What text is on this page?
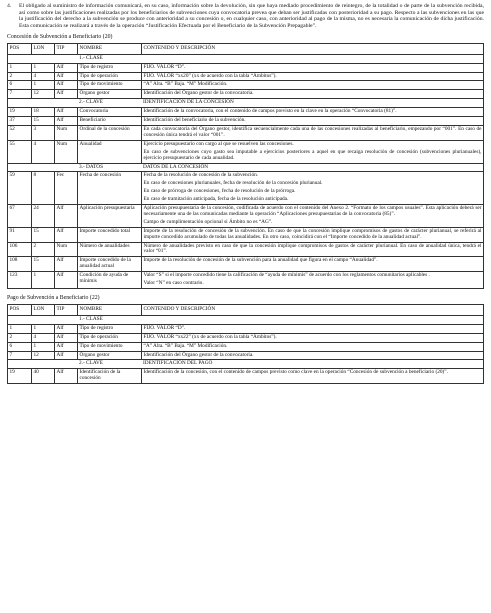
4.	El obligado al suministro de información comunicará, en su caso, información sobre la devolución, sin que haya mediado procedimiento de reintegro, de la totalidad o de parte de la subvención recibida, así como sobre las justificaciones realizadas por los beneficiarios de subvenciones cuya convocatoria prevea que deban ser justificadas con posterioridad a su pago. Respecto a las subvenciones en las que la justificación del derecho a la subvención se produce con anterioridad a su concesión o, en cualquier caso, con anterioridad al pago de la misma, no es necesaria la comunicación de dicha justificación. Esta comunicación se realizará a través de la operación “Justificación Efectuada por el Beneficiario de la Subvención Prepagable”.
Concesión de Subvención a Beneficiario (20)
POS	LON	TIP	NOMBRE	CONTENIDO Y DESCRIPCIÓN
			1.- CLASE	
1	1	Alf	Tipo de registro	FIJO. VALOR “D”.

2	4	Alf	Tipo de operación	FIJO. VALOR “xx20” (xx de acuerdo con la tabla “Ámbitos”).

6	1	Alf	Tipo de movimiento	“A” Alta. “B” Baja. “M” Modificación.

7	12	Alf	Órgano gestor	Identificación del Órgano gestor de la convocatoria.

			2.- CLAVE	IDENTIFICACIÓN DE LA CONCESIÓN
19	18	Alf	Convocatoria	Identificación de la convocatoria, con el contenido de campos previsto en la clave en la operación “Convocatoria (81)”.

37	15	Alf	Beneficiario	Identificación del beneficiario de la subvención.

52	3	Num	Ordinal de la concesión	En cada convocatoria del Órgano gestor, identifica secuencialmente cada una de las concesiones realizadas al beneficiario, empezando por “001”. En caso de concesión única tendrá el valor “001”.

55	4	Num	Anualidad	Ejercicio presupuestario con cargo al que se resuelven las concesiones.
En caso de subvenciones cuyo gasto sea imputable a ejercicios posteriores a aquel en que recaiga resolución de concesión (subvenciones plurianuales), ejercicio presupuestario de cada anualidad.

			3.- DATOS	DATOS DE LA CONCESIÓN
59	8	Fec	Fecha de concesión	Fecha de la resolución de concesión de la subvención.
En caso de concesiones plurianuales, fecha de resolución de la concesión plurianual.
En caso de prórroga de concesiones, fecha de resolución de la prórroga.
En caso de tramitación anticipada, fecha de la resolución anticipada.

67	24	Alf	Aplicación presupuestaria	Aplicación presupuestaria de la concesión, codificada de acuerdo con el contenido del Anexo 2. “Formato de los campos usuales”. Esta aplicación deberá ser necesariamente una de las comunicadas mediante la operación “Aplicaciones presupuestarias de la convocatoria (85)”.
Campo de cumplimentación opcional si Ámbito no es “AG”.

91	15	Alf	Importe concedido total	Importe de la resolución de concesión de la subvención. En caso de que la concesión implique compromisos de gastos de carácter plurianual, se referirá al importe concedido acumulado de todas las anualidades. En otro caso, coincidirá con el “Importe concedido de la anualidad actual”.

106	2	Num	Número de anualidades	Número de anualidades previsto en caso de que la concesión implique compromisos de gastos de carácter plurianual. En caso de anualidad única, tendrá el valor “01”.

108	15	Alf	Importe concedido de la anualidad actual	Importe de la resolución de concesión de la subvención para la anualidad que figura en el campo “Anualidad”.

123	1	Alf	Condición de ayuda de mínimis	Valor “S” si el importe concedido tiene la calificación de “ayuda de mínimis” de acuerdo con los reglamentos comunitarios aplicables .
Valor “N” en caso contrario.
Pago de Subvención a Beneficiario (22)
POS	LON	TIP	NOMBRE	CONTENIDO Y DESCRIPCIÓN
			1.- CLASE	
1	1	Alf	Tipo de registro	FIJO. VALOR “D”.

2	4	Alf	Tipo de operación	FIJO. VALOR “xx22” (xx de acuerdo con la tabla “Ámbitos”).

6	1	Alf	Tipo de movimiento	“A” Alta. “B” Baja. “M” Modificación.

7	12	Alf	Órgano gestor	Identificación del Órgano gestor de la convocatoria.

			2.- CLAVE	IDENTIFICACIÓN DEL PAGO
19	40	Alf	Identificación de la concesión	Identificación de la concesión, con el contenido de campos previsto como clave en la operación “Concesión de subvención a beneficiario (20)”.
